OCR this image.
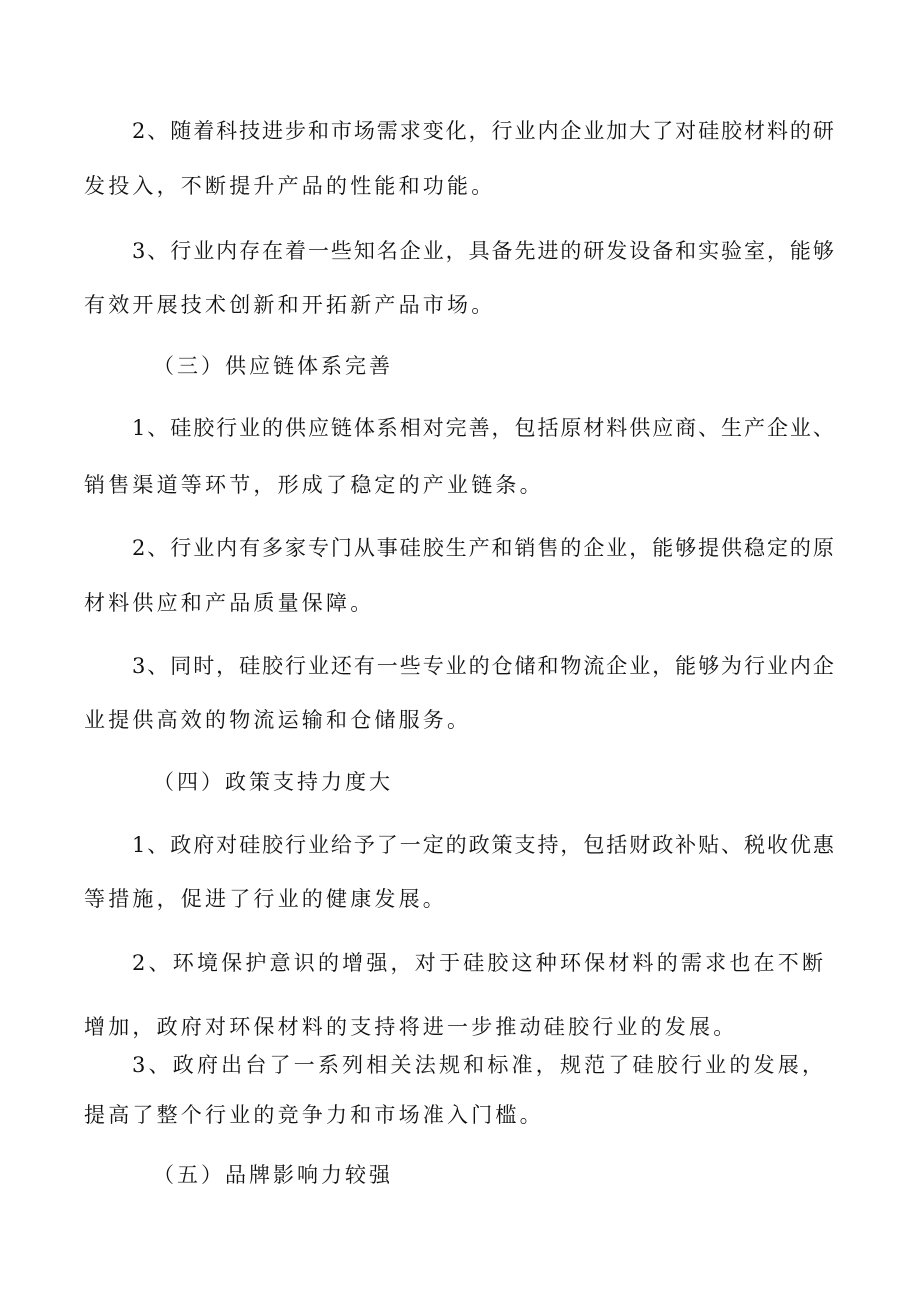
2、随着科技进步和市场需求变化，行业内企业加大了对硅胶材料的研
发投入，不断提升产品的性能和功能。
3、行业内存在着一些知名企业，具备先进的研发设备和实验室，能够
有效开展技术创新和开拓新产品市场。
（三）供应链体系完善
1、硅胶行业的供应链体系相对完善，包括原材料供应商、生产企业、
销售渠道等环节，形成了稳定的产业链条。
2、行业内有多家专门从事硅胶生产和销售的企业，能够提供稳定的原
材料供应和产品质量保障。
3、同时，硅胶行业还有一些专业的仓储和物流企业，能够为行业内企
业提供高效的物流运输和仓储服务。
（四）政策支持力度大
1、政府对硅胶行业给予了一定的政策支持，包括财政补贴、税收优惠
等措施，促进了行业的健康发展。
2、环境保护意识的增强，对于硅胶这种环保材料的需求也在不断
增加，政府对环保材料的支持将进一步推动硅胶行业的发展。
3、政府出台了一系列相关法规和标准，规范了硅胶行业的发展，
提高了整个行业的竞争力和市场准入门槛。
（五）品牌影响力较强
